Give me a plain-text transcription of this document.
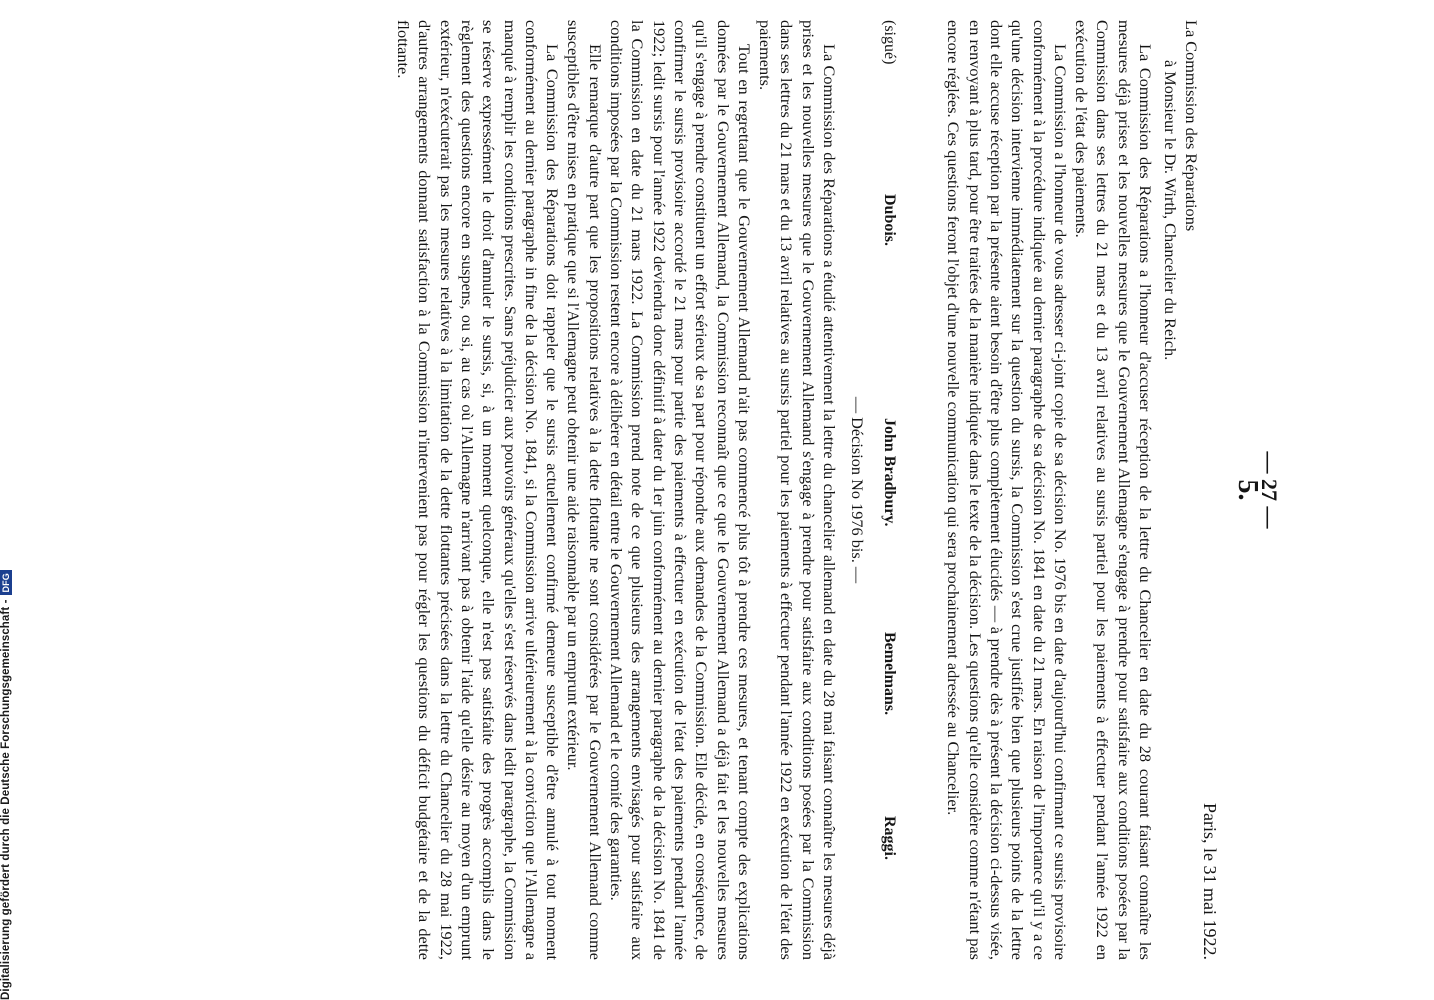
— 27 —
5.
Paris, le 31 mai 1922.
La Commission des Réparations
à Monsieur le Dr. Wirth, Chancelier du Reich.

La Commission des Réparations a l'honneur d'accuser réception de la lettre du Chancelier en date du 28 courant faisant connaître les mesures déjà prises et les nouvelles mesures que le Gouvernement Allemagne s'engage à prendre pour satisfaire aux conditions posées par la Commission dans ses lettres du 21 mars et du 13 avril relatives au sursis partiel pour les paiements à effectuer pendant l'année 1922 en exécution de l'état des paiements.

La Commission a l'honneur de vous adresser ci-joint copie de sa décision No. 1976 bis en date d'aujourd'hui confirmant ce sursis provisoire conformément à la procédure indiquée au dernier paragraphe de sa décision No. 1841 en date du 21 mars. En raison de l'importance qu'il y a ce qu'une décision intervienne immédiatement sur la question du sursis, la Commission s'est crue justifiée bien que plusieurs points de la lettre dont elle accuse réception par la présente aient besoin d'être plus complètement élucidés — à prendre dès à présent la décision ci-dessus visée, en renvoyant à plus tard, pour être traitées de la manière indiquée dans le texte de la décision. Les questions qu'elle considère comme n'étant pas encore réglées. Ces questions feront l'objet d'une nouvelle communication qui sera prochainement adressée au Chancelier.

(sigué) Dubois. John Bradbury. Bemelmans. Raggi.
— Décision No 1976 bis. —

La Commission des Réparations a étudié attentivement la lettre du chancelier allemand en date du 28 mai faisant connaître les mesures déjà prises et les nouvelles mesures que le Gouvernement Allemand s'engage à prendre pour satisfaire aux conditions posées par la Commission dans ses lettres du 21 mars et du 13 avril relatives au sursis partiel pour les paiements à effectuer pendant l'année 1922 en exécution de l'état des paiements.

Tout en regrettant que le Gouvernement Allemand n'ait pas commencé plus tôt à prendre ces mesures, et tenant compte des explications données par le Gouvernement Allemand, la Commission reconnaît que ce que le Gouvernement Allemand a déjà fait et les nouvelles mesures qu'il s'engage à prendre constituent un effort sérieux de sa part pour répondre aux demandes de la Commission. Elle décide, en conséquence, de confirmer le sursis provisoire accordé le 21 mars pour partie des paiements à effectuer en exécution de l'état des paiements pendant l'année 1922; ledit sursis pour l'année 1922 deviendra donc définitif à dater du 1er juin conformément au dernier paragraphe de la décision No. 1841 de la Commission en date du 21 mars 1922. La Commission prend note de ce que plusieurs des arrangements envisagés pour satisfaire aux conditions imposées par la Commission restent encore à délibérer en détail entre le Gouvernement Allemand et le comité des garanties.

Elle remarque d'autre part que les propositions relatives à la dette flottante ne sont considérées par le Gouvernement Allemand comme susceptibles d'être mises en pratique que si l'Allemagne peut obtenir une aide raisonnable par un emprunt extérieur.

La Commission des Réparations doit rappeler que le sursis actuellement confirmé demeure susceptible d'être annulé à tout moment conformément au dernier paragraphe in fine de la décision No. 1841, si la Commission arrive ultérieurement à la conviction que l'Allemagne a manqué à remplir les conditions prescrites. Sans préjudicier aux pouvoirs généraux qu'elles s'est réservés dans ledit paragraphe, la Commission se réserve expressément le droit d'annuler le sursis, si, à un moment quelconque, elle n'est pas satisfaite des progrès accomplis dans le règlement des questions encore en suspens, ou si, au cas où l'Allemagne n'arrivant pas à obtenir l'aide qu'elle désire au moyen d'un emprunt extérieur, n'exécuterait pas les mesures relatives à la limitation de la dette flottantes précisées dans la lettre du Chancelier du 28 mai 1922, d'autres arrangements donnant satisfaction à la Commission n'intervenient pas pour régler les questions du déficit budgétaire et de la dette flottante.

Digitalisierung gefördert durch die Deutsche Forschungsgemeinschaft -DFG
